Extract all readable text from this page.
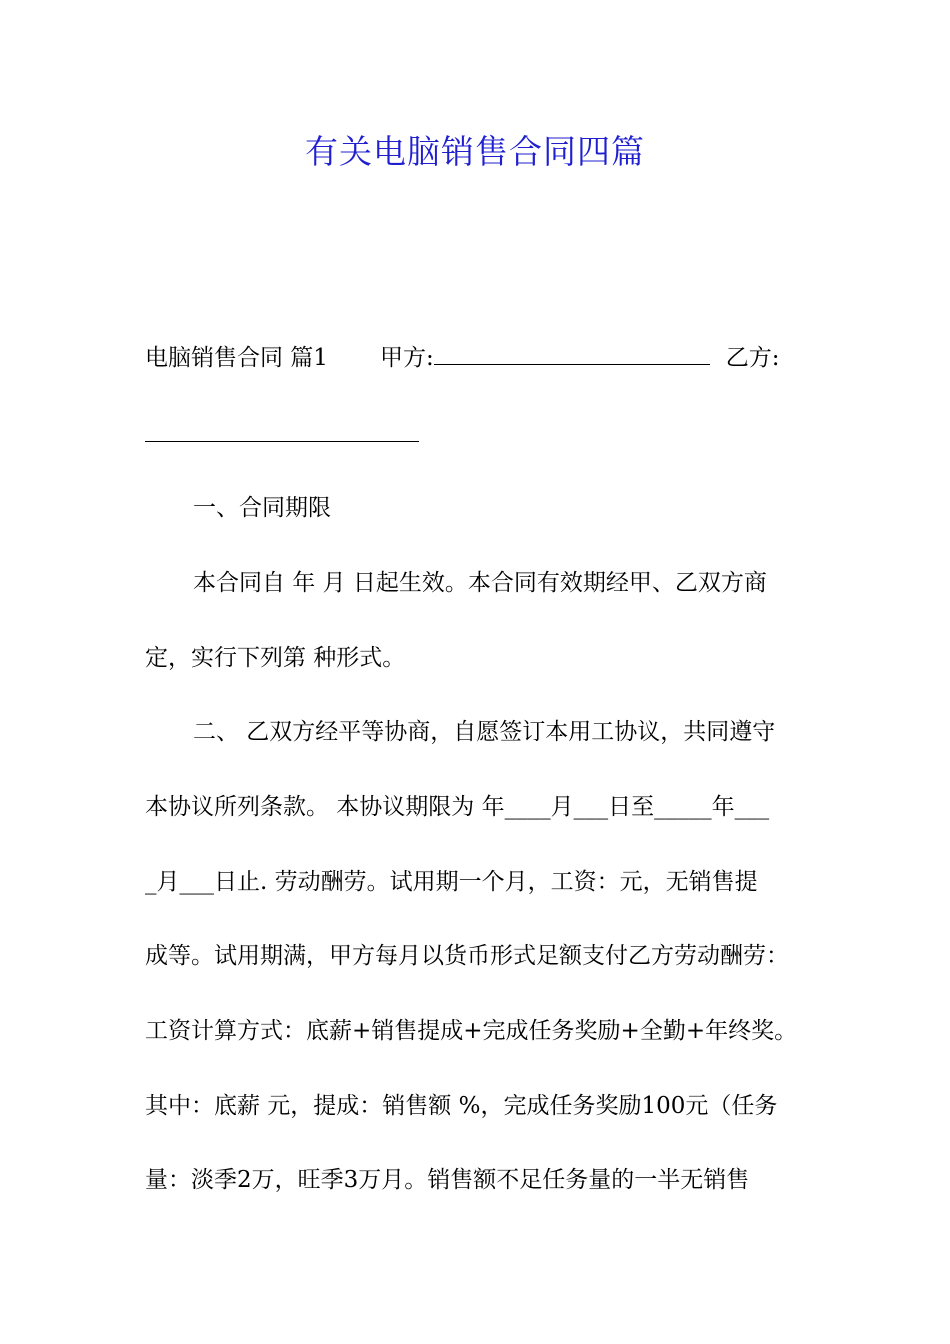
有关电脑销售合同四篇
电脑销售合同 篇1 甲方:	乙方:
一、合同期限
本合同自 年 月 日起生效。本合同有效期经甲、乙双方商
定，实行下列第 种形式。
二、 乙双方经平等协商，自愿签订本用工协议，共同遵守
本协议所列条款。 本协议期限为 年____月___日至_____年___
_月___日止. 劳动酬劳。试用期一个月，工资：元，无销售提
成等。试用期满，甲方每月以货币形式足额支付乙方劳动酬劳：
工资计算方式：底薪+销售提成+完成任务奖励+全勤+年终奖。
其中：底薪 元，提成：销售额 %，完成任务奖励100元（任务
量：淡季2万，旺季3万月。销售额不足任务量的一半无销售
